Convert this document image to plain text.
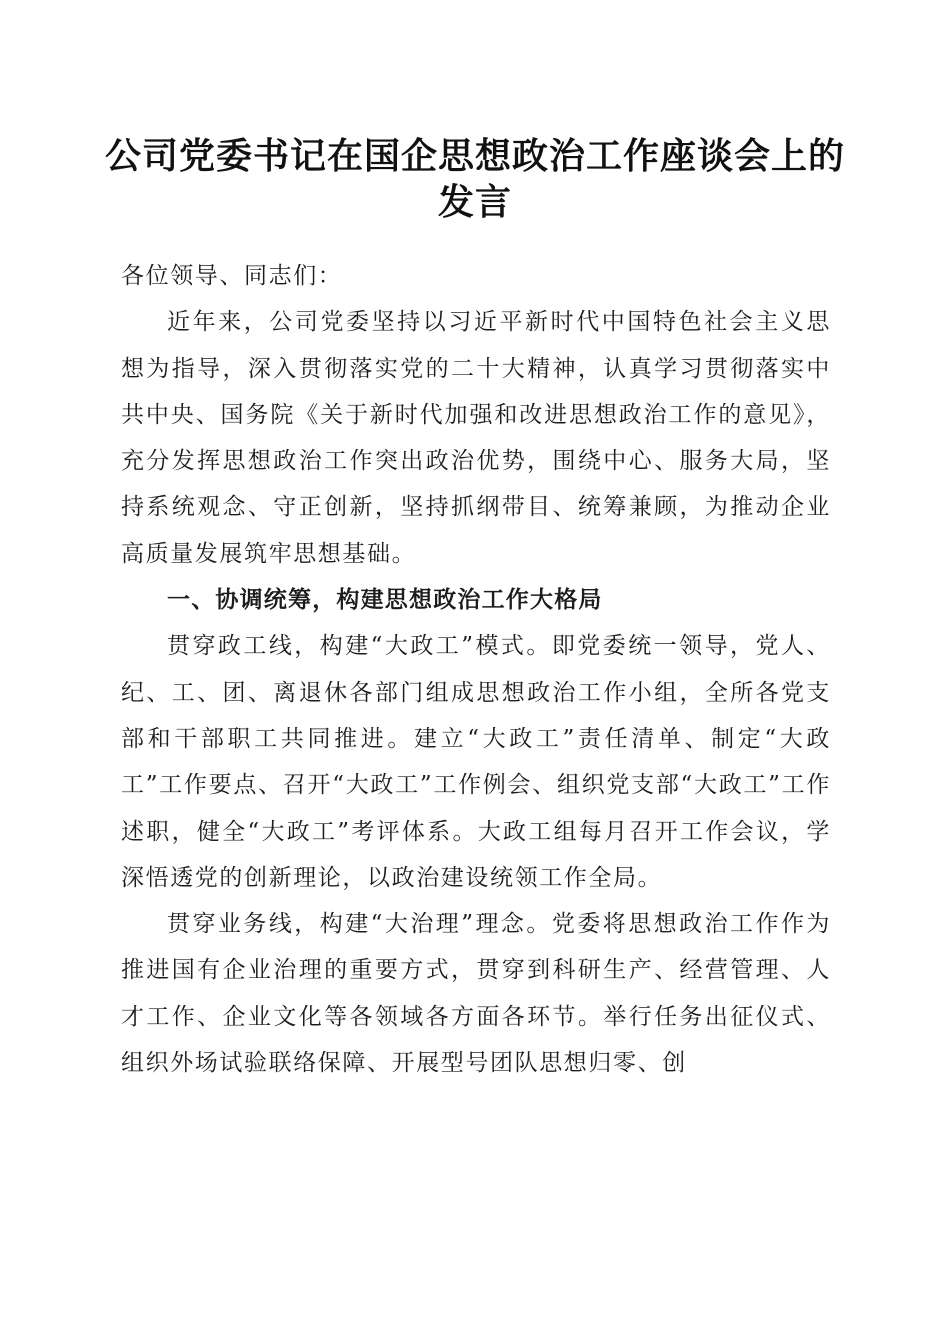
公司党委书记在国企思想政治工作座谈会上的发言

各位领导、同志们：

近年来，公司党委坚持以习近平新时代中国特色社会主义思想为指导，深入贯彻落实党的二十大精神，认真学习贯彻落实中共中央、国务院《关于新时代加强和改进思想政治工作的意见》，充分发挥思想政治工作突出政治优势，围绕中心、服务大局，坚持系统观念、守正创新，坚持抓纲带目、统筹兼顾，为推动企业高质量发展筑牢思想基础。

一、协调统筹，构建思想政治工作大格局

贯穿政工线，构建“大政工”模式。即党委统一领导，党人、纪、工、团、离退休各部门组成思想政治工作小组，全所各党支部和干部职工共同推进。建立“大政工”责任清单、制定“大政工”工作要点、召开“大政工”工作例会、组织党支部“大政工”工作述职，健全“大政工”考评体系。大政工组每月召开工作会议，学深悟透党的创新理论，以政治建设统领工作全局。

贯穿业务线，构建“大治理”理念。党委将思想政治工作作为推进国有企业治理的重要方式，贯穿到科研生产、经营管理、人才工作、企业文化等各领域各方面各环节。举行任务出征仪式、组织外场试验联络保障、开展型号团队思想归零、创
